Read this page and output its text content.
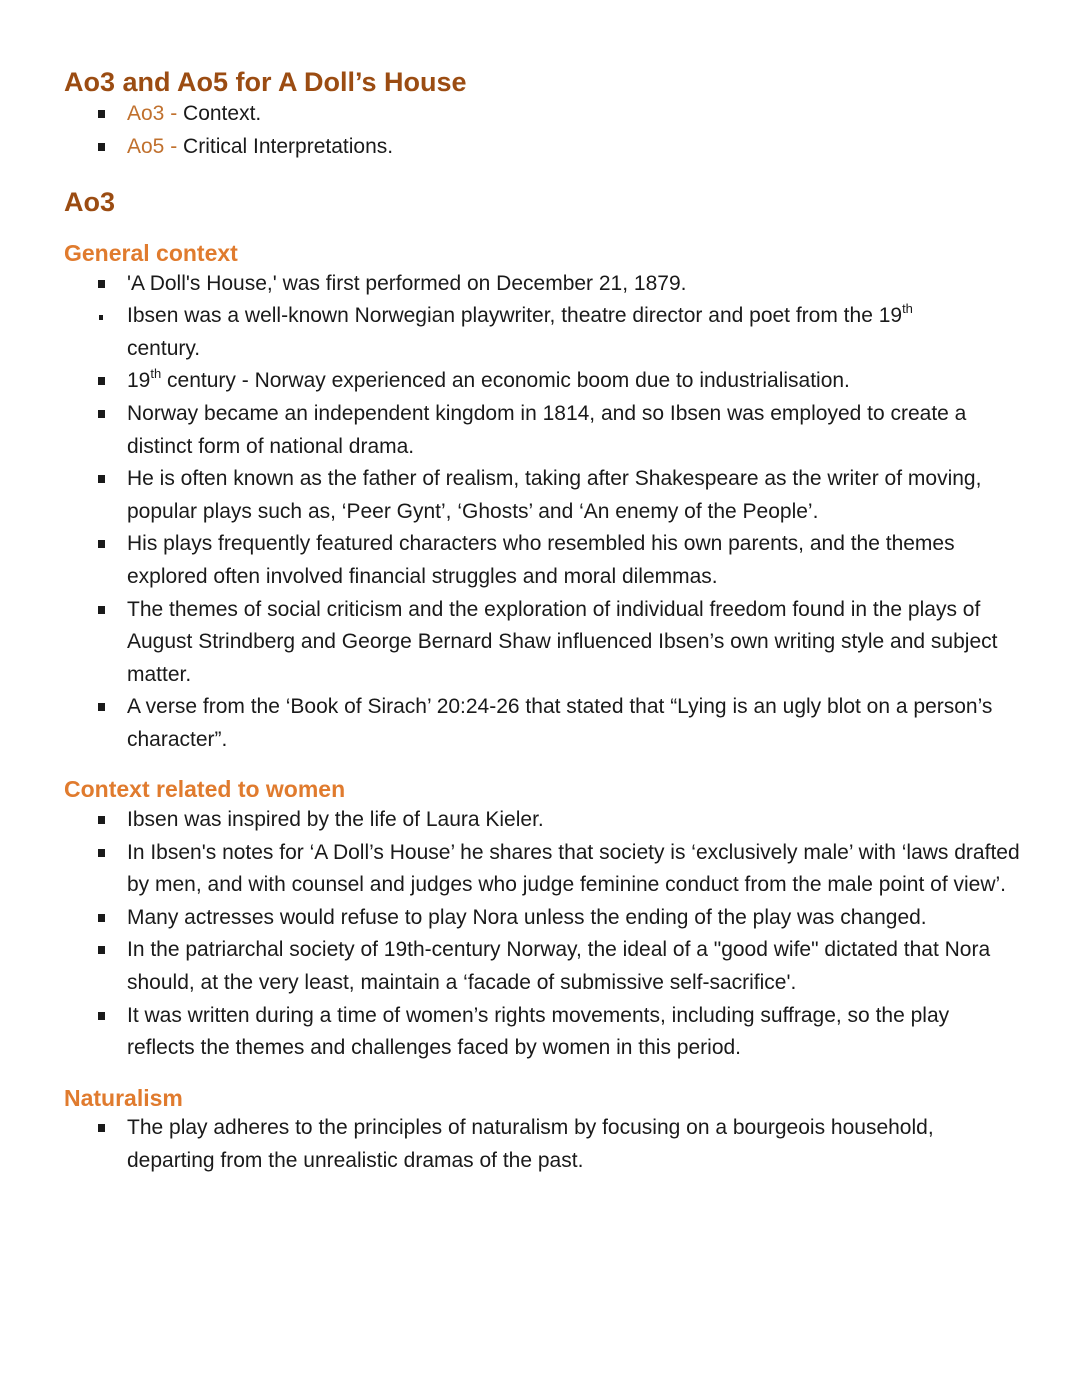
Ao3 and Ao5 for A Doll’s House
Ao3 - Context.
Ao5 - Critical Interpretations.
Ao3
General context
'A Doll's House,' was first performed on December 21, 1879.
Ibsen was a well-known Norwegian playwriter, theatre director and poet from the 19th
century.
19th century - Norway experienced an economic boom due to industrialisation.
Norway became an independent kingdom in 1814, and so Ibsen was employed to create a distinct form of national drama.
He is often known as the father of realism, taking after Shakespeare as the writer of moving, popular plays such as, ‘Peer Gynt’, ‘Ghosts’ and ‘An enemy of the People’.
His plays frequently featured characters who resembled his own parents, and the themes explored often involved financial struggles and moral dilemmas.
The themes of social criticism and the exploration of individual freedom found in the plays of August Strindberg and George Bernard Shaw influenced Ibsen’s own writing style and subject matter.
A verse from the ‘Book of Sirach’ 20:24-26 that stated that “Lying is an ugly blot on a person’s character”.
Context related to women
Ibsen was inspired by the life of Laura Kieler.
In Ibsen's notes for ‘A Doll’s House’ he shares that society is ‘exclusively male’ with ‘laws drafted by men, and with counsel and judges who judge feminine conduct from the male point of view’.
Many actresses would refuse to play Nora unless the ending of the play was changed.
In the patriarchal society of 19th-century Norway, the ideal of a "good wife" dictated that Nora should, at the very least, maintain a ‘facade of submissive self-sacrifice'.
It was written during a time of women’s rights movements, including suffrage, so the play reflects the themes and challenges faced by women in this period.
Naturalism
The play adheres to the principles of naturalism by focusing on a bourgeois household, departing from the unrealistic dramas of the past.
